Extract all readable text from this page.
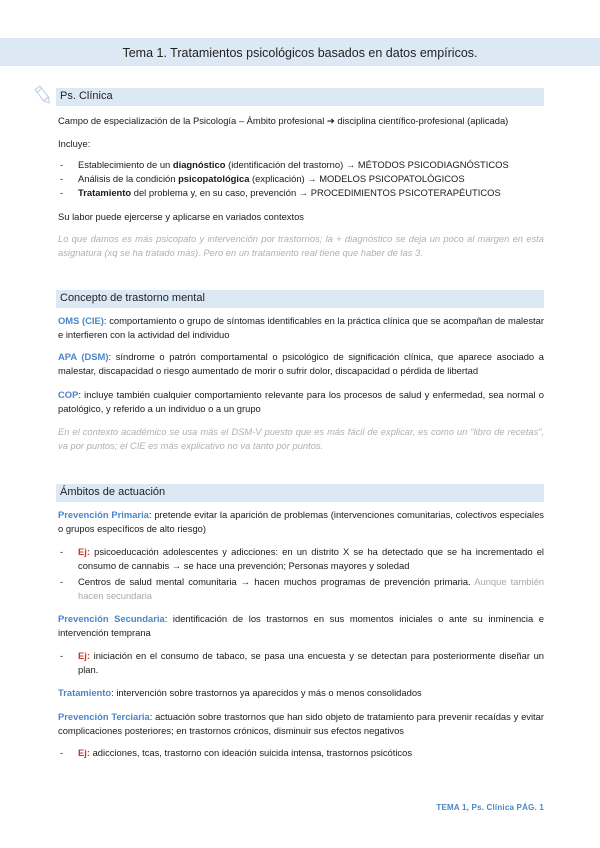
Tema 1. Tratamientos psicológicos basados en datos empíricos.
Ps. Clínica
Campo de especialización de la Psicología – Ámbito profesional ➔ disciplina científico-profesional (aplicada)
Incluye:
- Establecimiento de un diagnóstico (identificación del trastorno) → MÉTODOS PSICODIAGNÓSTICOS
- Análisis de la condición psicopatológica (explicación) → MODELOS PSICOPATOLÓGICOS
- Tratamiento del problema y, en su caso, prevención → PROCEDIMIENTOS PSICOTERAPÉUTICOS
Su labor puede ejercerse y aplicarse en variados contextos
Lo que damos es más psicopato y intervención por trastornos; la + diagnóstico se deja un poco al margen en esta asignatura (xq se ha tratado más). Pero en un tratamiento real tiene que haber de las 3.
Concepto de trastorno mental
OMS (CIE): comportamiento o grupo de síntomas identificables en la práctica clínica que se acompañan de malestar e interfieren con la actividad del individuo
APA (DSM): síndrome o patrón comportamental o psicológico de significación clínica, que aparece asociado a malestar, discapacidad o riesgo aumentado de morir o sufrir dolor, discapacidad o pérdida de libertad
COP: incluye también cualquier comportamiento relevante para los procesos de salud y enfermedad, sea normal o patológico, y referido a un individuo o a un grupo
En el contexto académico se usa más el DSM-V puesto que es más fácil de explicar, es como un “libro de recetas”, va por puntos; el CIE es más explicativo no va tanto por puntos.
Ámbitos de actuación
Prevención Primaria: pretende evitar la aparición de problemas (intervenciones comunitarias, colectivos especiales o grupos específicos de alto riesgo)
- Ej: psicoeducación adolescentes y adicciones: en un distrito X se ha detectado que se ha incrementado el consumo de cannabis → se hace una prevención; Personas mayores y soledad
- Centros de salud mental comunitaria → hacen muchos programas de prevención primaria. Aunque también hacen secundaria
Prevención Secundaria: identificación de los trastornos en sus momentos iniciales o ante su inminencia e intervención temprana
- Ej: iniciación en el consumo de tabaco, se pasa una encuesta y se detectan para posteriormente diseñar un plan.
Tratamiento: intervención sobre trastornos ya aparecidos y más o menos consolidados
Prevención Terciaria: actuación sobre trastornos que han sido objeto de tratamiento para prevenir recaídas y evitar complicaciones posteriores; en trastornos crónicos, disminuir sus efectos negativos
- Ej: adicciones, tcas, trastorno con ideación suicida intensa, trastornos psicóticos
TEMA 1, Ps. Clínica PÁG. 1
